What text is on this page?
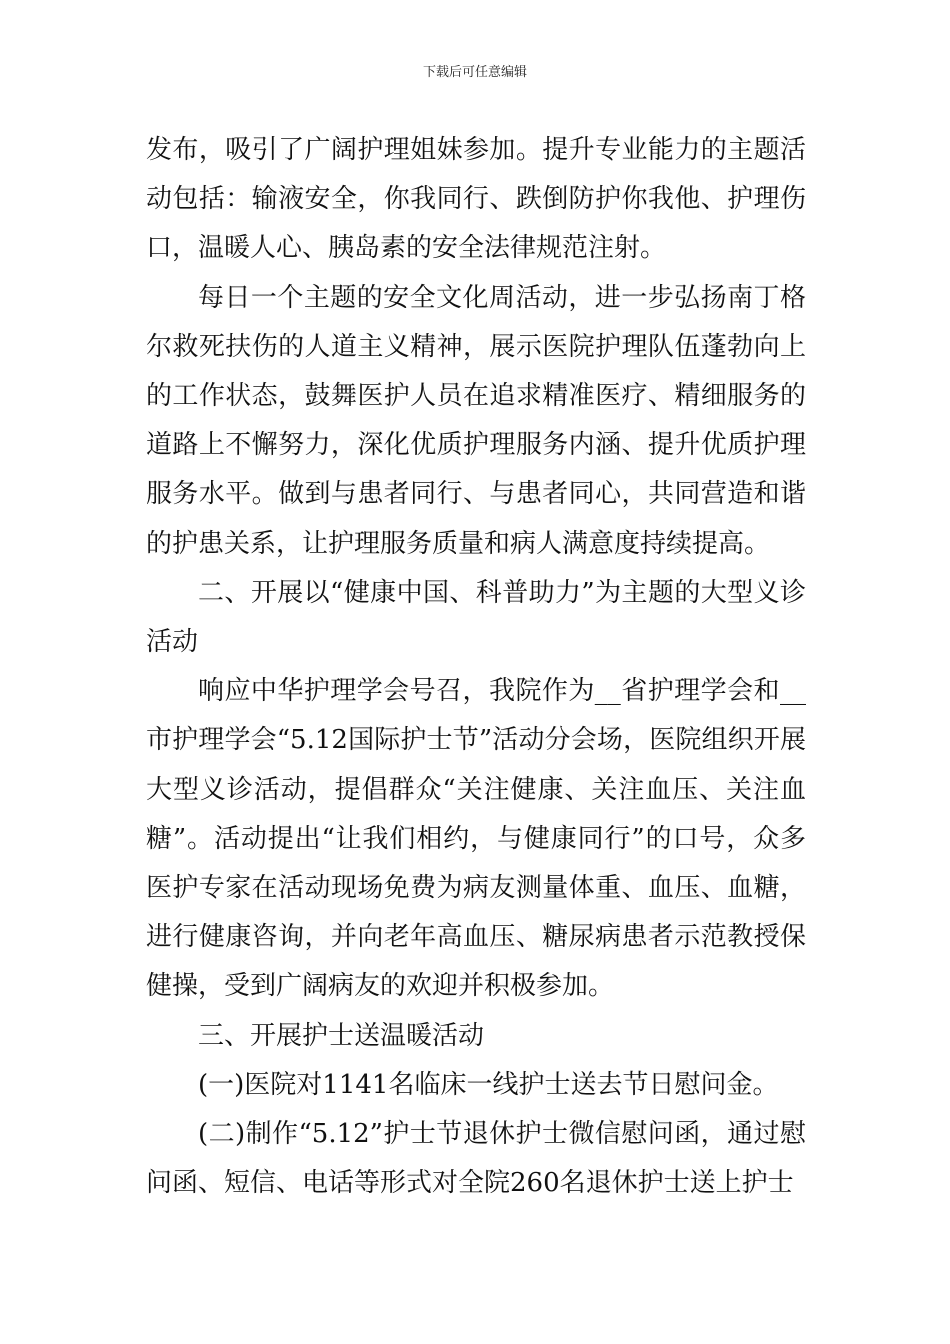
下载后可任意编辑

发布，吸引了广阔护理姐妹参加。提升专业能力的主题活动包括：输液安全，你我同行、跌倒防护你我他、护理伤口，温暖人心、胰岛素的安全法律规范注射。

每日一个主题的安全文化周活动，进一步弘扬南丁格尔救死扶伤的人道主义精神，展示医院护理队伍蓬勃向上的工作状态，鼓舞医护人员在追求精准医疗、精细服务的道路上不懈努力，深化优质护理服务内涵、提升优质护理服务水平。做到与患者同行、与患者同心，共同营造和谐的护患关系，让护理服务质量和病人满意度持续提高。

二、开展以“健康中国、科普助力”为主题的大型义诊活动

响应中华护理学会号召，我院作为__省护理学会和__市护理学会“5.12国际护士节”活动分会场，医院组织开展大型义诊活动，提倡群众“关注健康、关注血压、关注血糖”。活动提出“让我们相约，与健康同行”的口号，众多医护专家在活动现场免费为病友测量体重、血压、血糖，进行健康咨询，并向老年高血压、糖尿病患者示范教授保健操，受到广阔病友的欢迎并积极参加。

三、开展护士送温暖活动

(一)医院对1141名临床一线护士送去节日慰问金。

(二)制作“5.12”护士节退休护士微信慰问函，通过慰问函、短信、电话等形式对全院260名退休护士送上护士
